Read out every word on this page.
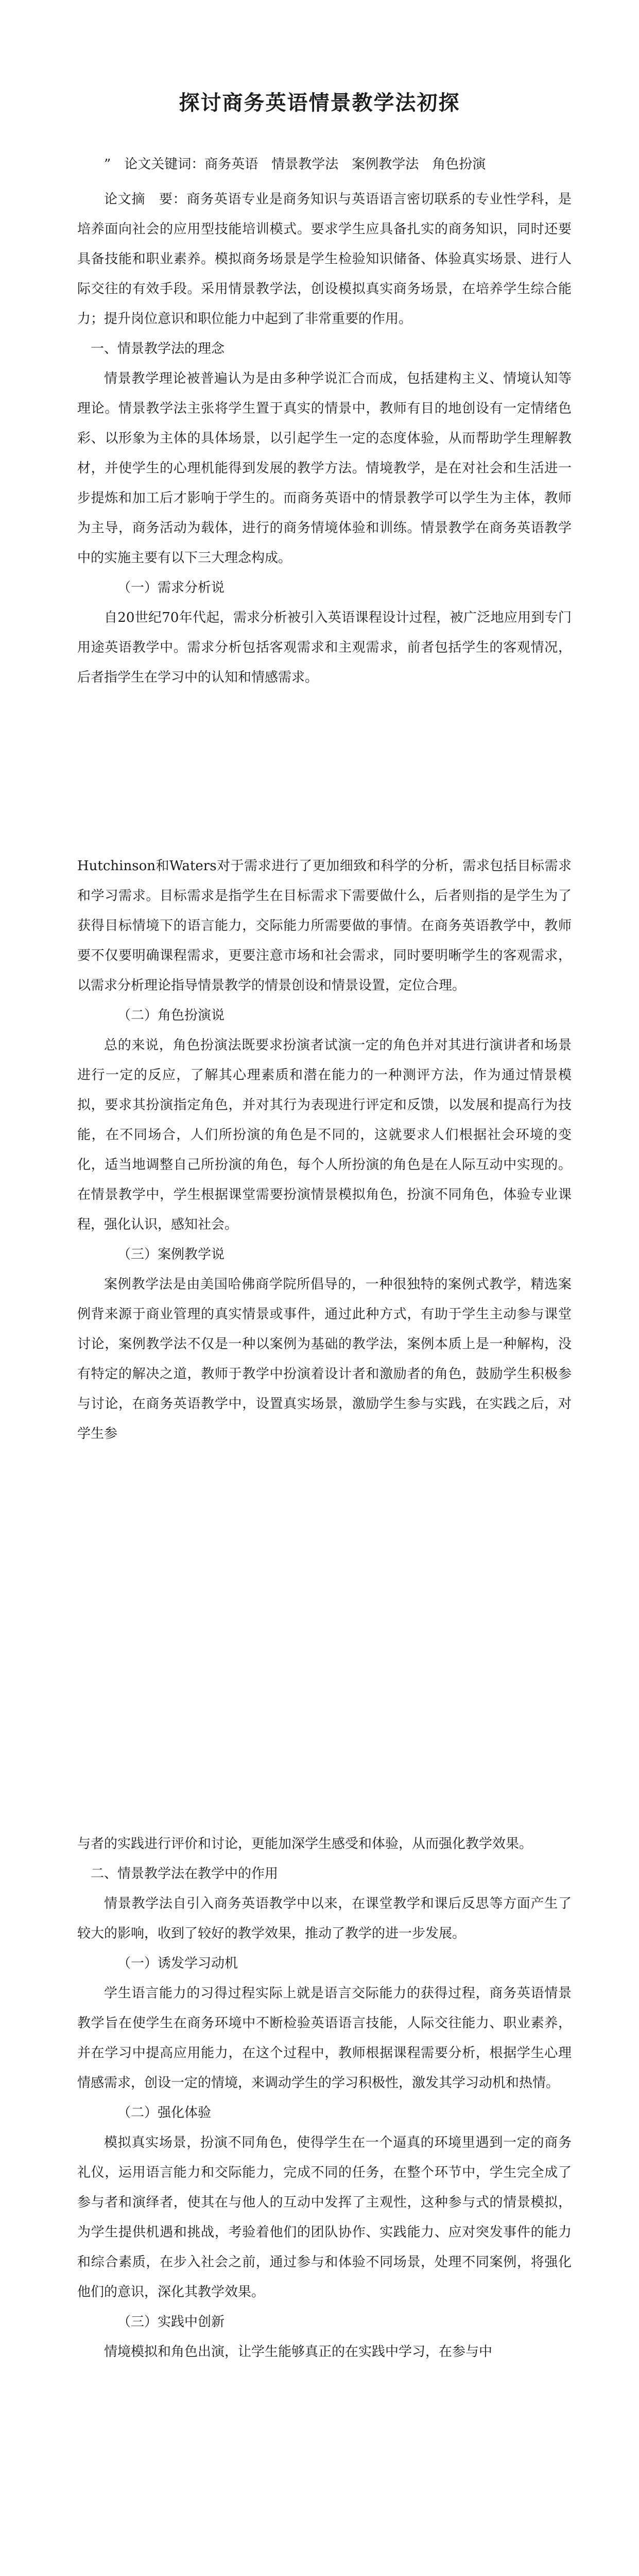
探讨商务英语情景教学法初探

”　论文关键词：商务英语　情景教学法　案例教学法　角色扮演

论文摘　要：商务英语专业是商务知识与英语语言密切联系的专业性学科，是培养面向社会的应用型技能培训模式。要求学生应具备扎实的商务知识，同时还要具备技能和职业素养。模拟商务场景是学生检验知识储备、体验真实场景、进行人际交往的有效手段。采用情景教学法，创设模拟真实商务场景，在培养学生综合能力；提升岗位意识和职位能力中起到了非常重要的作用。

一、情景教学法的理念

情景教学理论被普遍认为是由多种学说汇合而成，包括建构主义、情境认知等理论。情景教学法主张将学生置于真实的情景中，教师有目的地创设有一定情绪色彩、以形象为主体的具体场景，以引起学生一定的态度体验，从而帮助学生理解教材，并使学生的心理机能得到发展的教学方法。情境教学，是在对社会和生活进一步提炼和加工后才影响于学生的。而商务英语中的情景教学可以学生为主体，教师为主导，商务活动为载体，进行的商务情境体验和训练。情景教学在商务英语教学中的实施主要有以下三大理念构成。

（一）需求分析说

自20世纪70年代起，需求分析被引入英语课程设计过程，被广泛地应用到专门用途英语教学中。需求分析包括客观需求和主观需求，前者包括学生的客观情况，后者指学生在学习中的认知和情感需求。

Hutchinson和Waters对于需求进行了更加细致和科学的分析，需求包括目标需求和学习需求。目标需求是指学生在目标需求下需要做什么，后者则指的是学生为了获得目标情境下的语言能力，交际能力所需要做的事情。在商务英语教学中，教师要不仅要明确课程需求，更要注意市场和社会需求，同时要明晰学生的客观需求，以需求分析理论指导情景教学的情景创设和情景设置，定位合理。

（二）角色扮演说

总的来说，角色扮演法既要求扮演者试演一定的角色并对其进行演讲者和场景进行一定的反应，了解其心理素质和潜在能力的一种测评方法，作为通过情景模拟，要求其扮演指定角色，并对其行为表现进行评定和反馈，以发展和提高行为技能，在不同场合，人们所扮演的角色是不同的，这就要求人们根据社会环境的变化，适当地调整自己所扮演的角色，每个人所扮演的角色是在人际互动中实现的。在情景教学中，学生根据课堂需要扮演情景模拟角色，扮演不同角色，体验专业课程，强化认识，感知社会。

（三）案例教学说

案例教学法是由美国哈佛商学院所倡导的，一种很独特的案例式教学，精选案例背来源于商业管理的真实情景或事件，通过此种方式，有助于学生主动参与课堂讨论，案例教学法不仅是一种以案例为基础的教学法，案例本质上是一种解构，没有特定的解决之道，教师于教学中扮演着设计者和激励者的角色，鼓励学生积极参与讨论，在商务英语教学中，设置真实场景，激励学生参与实践，在实践之后，对学生参

与者的实践进行评价和讨论，更能加深学生感受和体验，从而强化教学效果。

二、情景教学法在教学中的作用

情景教学法自引入商务英语教学中以来，在课堂教学和课后反思等方面产生了较大的影响，收到了较好的教学效果，推动了教学的进一步发展。

（一）诱发学习动机

学生语言能力的习得过程实际上就是语言交际能力的获得过程，商务英语情景教学旨在使学生在商务环境中不断检验英语语言技能，人际交往能力、职业素养，并在学习中提高应用能力，在这个过程中，教师根据课程需要分析，根据学生心理情感需求，创设一定的情境，来调动学生的学习积极性，激发其学习动机和热情。

（二）强化体验

模拟真实场景，扮演不同角色，使得学生在一个逼真的环境里遇到一定的商务礼仪，运用语言能力和交际能力，完成不同的任务，在整个环节中，学生完全成了参与者和演绎者，使其在与他人的互动中发挥了主观性，这种参与式的情景模拟，为学生提供机遇和挑战，考验着他们的团队协作、实践能力、应对突发事件的能力和综合素质，在步入社会之前，通过参与和体验不同场景，处理不同案例，将强化他们的意识，深化其教学效果。

（三）实践中创新

情境模拟和角色出演，让学生能够真正的在实践中学习，在参与中
